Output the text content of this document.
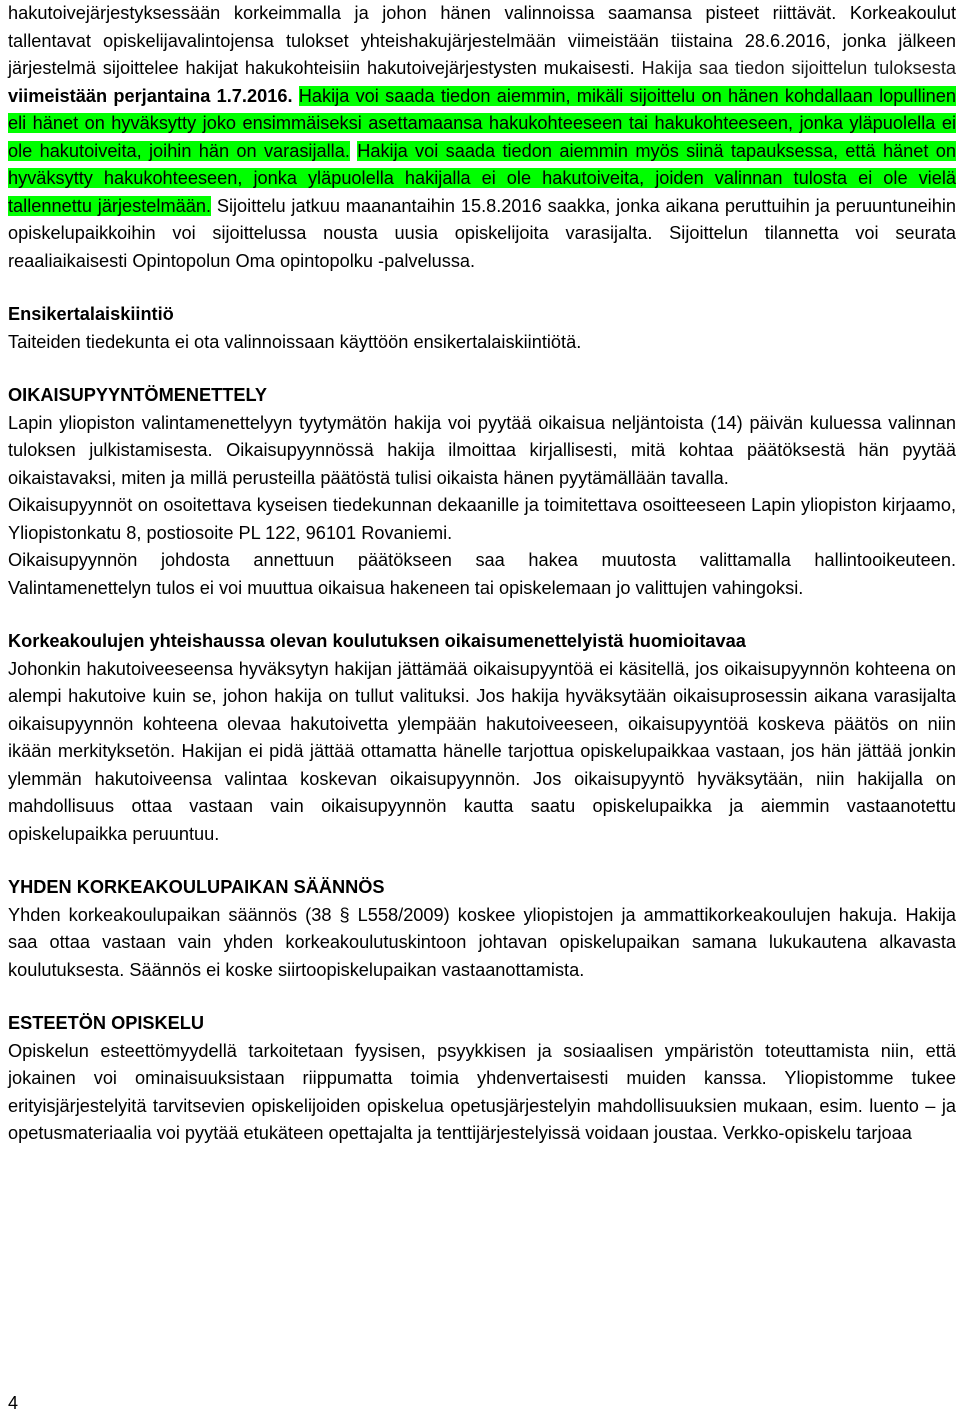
hakutoivejärjestyksessään korkeimmalla ja johon hänen valinnoissa saamansa pisteet riittävät. Korkeakoulut tallentavat opiskelijavalintojensa tulokset yhteishakujärjestelmään viimeistään tiistaina 28.6.2016, jonka jälkeen järjestelmä sijoittelee hakijat hakukohteisiin hakutoivejärjestysten mukaisesti. Hakija saa tiedon sijoittelun tuloksesta viimeistään perjantaina 1.7.2016. Hakija voi saada tiedon aiemmin, mikäli sijoittelu on hänen kohdallaan lopullinen eli hänet on hyväksytty joko ensimmäiseksi asettamaansa hakukohteeseen tai hakukohteeseen, jonka yläpuolella ei ole hakutoiveita, joihin hän on varasijalla. Hakija voi saada tiedon aiemmin myös siinä tapauksessa, että hänet on hyväksytty hakukohteeseen, jonka yläpuolella hakijalla ei ole hakutoiveita, joiden valinnan tulosta ei ole vielä tallennettu järjestelmään. Sijoittelu jatkuu maanantaihin 15.8.2016 saakka, jonka aikana peruttuihin ja peruuntuneihin opiskelupaikkoihin voi sijoittelussa nousta uusia opiskelijoita varasijalta. Sijoittelun tilannetta voi seurata reaaliaikaisesti Opintopolun Oma opintopolku -palvelussa.

Ensikertalaiskiintiö

Taiteiden tiedekunta ei ota valinnoissaan käyttöön ensikertalaiskiintiötä.

OIKAISUPYYNTÖMENETTELY

Lapin yliopiston valintamenettelyyn tyytymätön hakija voi pyytää oikaisua neljäntoista (14) päivän kuluessa valinnan tuloksen julkistamisesta. Oikaisupyynnössä hakija ilmoittaa kirjallisesti, mitä kohtaa päätöksestä hän pyytää oikaistavaksi, miten ja millä perusteilla päätöstä tulisi oikaista hänen pyytämällään tavalla.

Oikaisupyynnöt on osoitettava kyseisen tiedekunnan dekaanille ja toimitettava osoitteeseen Lapin yliopiston kirjaamo, Yliopistonkatu 8, postiosoite PL 122, 96101 Rovaniemi.

Oikaisupyynnön johdosta annettuun päätökseen saa hakea muutosta valittamalla hallintooikeuteen. Valintamenettelyn tulos ei voi muuttua oikaisua hakeneen tai opiskelemaan jo valittujen vahingoksi.

Korkeakoulujen yhteishaussa olevan koulutuksen oikaisumenettelyistä huomioitavaa

Johonkin hakutoiveeseensa hyväksytyn hakijan jättämää oikaisupyyntöä ei käsitellä, jos oikaisupyynnön kohteena on alempi hakutoive kuin se, johon hakija on tullut valituksi. Jos hakija hyväksytään oikaisuprosessin aikana varasijalta oikaisupyynnön kohteena olevaa hakutoivetta ylempään hakutoiveeseen, oikaisupyyntöä koskeva päätös on niin ikään merkityksetön. Hakijan ei pidä jättää ottamatta hänelle tarjottua opiskelupaikkaa vastaan, jos hän jättää jonkin ylemmän hakutoiveensa valintaa koskevan oikaisupyynnön. Jos oikaisupyyntö hyväksytään, niin hakijalla on mahdollisuus ottaa vastaan vain oikaisupyynnön kautta saatu opiskelupaikka ja aiemmin vastaanotettu opiskelupaikka peruuntuu.

YHDEN KORKEAKOULUPAIKAN SÄÄNNÖS

Yhden korkeakoulupaikan säännös (38 § L558/2009) koskee yliopistojen ja ammattikorkeakoulujen hakuja. Hakija saa ottaa vastaan vain yhden korkeakoulutuskintoon johtavan opiskelupaikan samana lukukautena alkavasta koulutuksesta. Säännös ei koske siirtoopiskelupaikan vastaanottamista.

ESTEETÖN OPISKELU

Opiskelun esteettömyydellä tarkoitetaan fyysisen, psyykkisen ja sosiaalisen ympäristön toteuttamista niin, että jokainen voi ominaisuuksistaan riippumatta toimia yhdenvertaisesti muiden kanssa. Yliopistomme tukee erityisjärjestelyitä tarvitsevien opiskelijoiden opiskelua opetusjärjestelyin mahdollisuuksien mukaan, esim. luento – ja opetusmateriaalia voi pyytää etukäteen opettajalta ja tenttijärjestelyissä voidaan joustaa. Verkko-opiskelu tarjoaa

4
